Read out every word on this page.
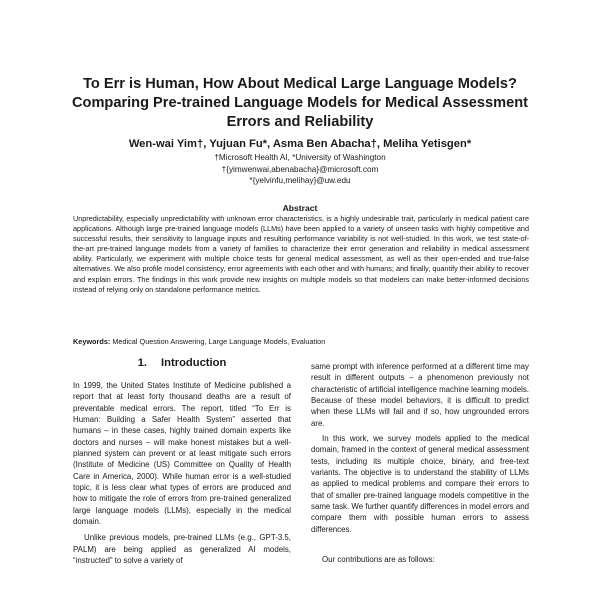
To Err is Human, How About Medical Large Language Models?
Comparing Pre-trained Language Models for Medical Assessment
Errors and Reliability
Wen-wai Yim†, Yujuan Fu*, Asma Ben Abacha†, Meliha Yetisgen*
†Microsoft Health AI, *University of Washington
†{yimwenwai,abenabacha}@microsoft.com
*{yelvinfu,melihay}@uw.edu
Abstract

Unpredictability, especially unpredictability with unknown error characteristics, is a highly undesirable trait, particularly in medical patient care applications. Although large pre-trained language models (LLMs) have been applied to a variety of unseen tasks with highly competitive and successful results, their sensitivity to language inputs and resulting performance variability is not well-studied. In this work, we test state-of-the-art pre-trained language models from a variety of families to characterize their error generation and reliability in medical assessment ability. Particularly, we experiment with multiple choice tests for general medical assessment, as well as their open-ended and true-false alternatives. We also profile model consistency, error agreements with each other and with humans; and finally, quantify their ability to recover and explain errors. The findings in this work provide new insights on multiple models so that modelers can make better-informed decisions instead of relying only on standalone performance metrics.

Keywords: Medical Question Answering, Large Language Models, Evaluation
1. Introduction

In 1999, the United States Institute of Medicine published a report that at least forty thousand deaths are a result of preventable medical errors. The report, titled “To Err is Human: Building a Safer Health System” asserted that humans – in these cases, highly trained domain experts like doctors and nurses – will make honest mistakes but a well-planned system can prevent or at least mitigate such errors (Institute of Medicine (US) Committee on Quality of Health Care in America, 2000). While human error is a well-studied topic, it is less clear what types of errors are produced and how to mitigate the role of errors from pre-trained generalized large language models (LLMs), especially in the medical domain.

Unlike previous models, pre-trained LLMs (e.g., GPT-3.5, PALM) are being applied as generalized AI models, “instructed” to solve a variety of

same prompt with inference performed at a different time may result in different outputs – a phenomenon previously not characteristic of artificial intelligence machine learning models. Because of these model behaviors, it is difficult to predict when these LLMs will fail and if so, how ungrounded errors are.

In this work, we survey models applied to the medical domain, framed in the context of general medical assessment tests, including its multiple choice, binary, and free-text variants. The objective is to understand the stability of LLMs as applied to medical problems and compare their errors to that of smaller pre-trained language models competitive in the same task. We further quantify differences in model errors and compare them with possible human errors to assess differences.

Our contributions are as follows:
